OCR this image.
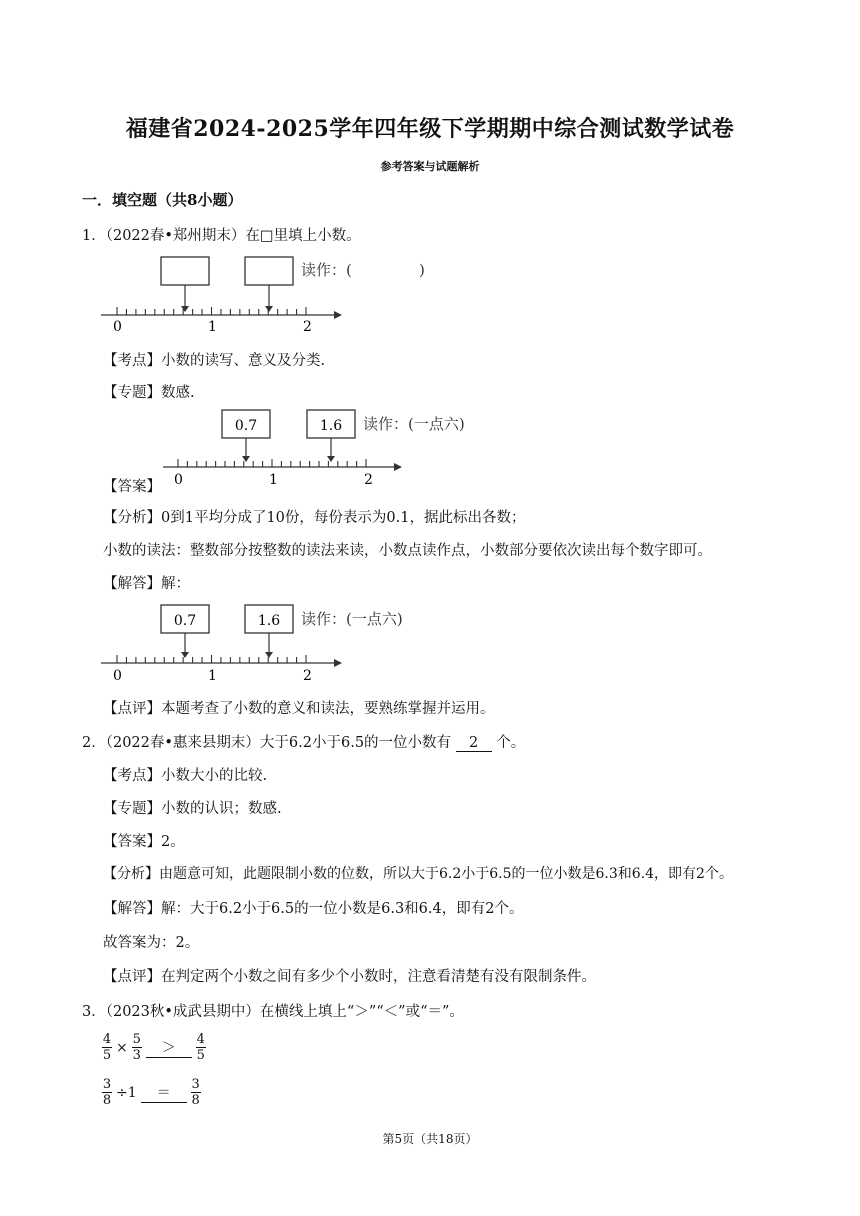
福建省2024-2025学年四年级下学期期中综合测试数学试卷
参考答案与试题解析
一．填空题（共8小题）
1．（2022春•郑州期末）在□里填上小数。
读作：(	)
0	1	2
【考点】小数的读写、意义及分类.
【专题】数感.
0.7	1.6 读作：(一点六)
0	1	2
【答案】
【分析】0到1平均分成了10份，每份表示为0.1，据此标出各数；
小数的读法：整数部分按整数的读法来读，小数点读作点，小数部分要依次读出每个数字即可。
【解答】解：
0.7	1.6 读作：(一点六)
0	1	2
【点评】本题考查了小数的意义和读法，要熟练掌握并运用。
2．（2022春•惠来县期末）大于6.2小于6.5的一位小数有 2 个。
【考点】小数大小的比较.
【专题】小数的认识；数感.
【答案】2。
【分析】由题意可知，此题限制小数的位数，所以大于6.2小于6.5的一位小数是6.3和6.4，即有2个。
【解答】解：大于6.2小于6.5的一位小数是6.3和6.4，即有2个。
故答案为：2。
【点评】在判定两个小数之间有多少个小数时，注意看清楚有没有限制条件。
3．（2023秋•成武县期中）在横线上填上“＞”“＜”或“＝”。
$\frac{4}{5} \times \frac{5}{3}$	＞	$\frac{4}{5}$
$\frac{3}{8} \div 1$	＝	$\frac{3}{8}$
第5页（共18页）
